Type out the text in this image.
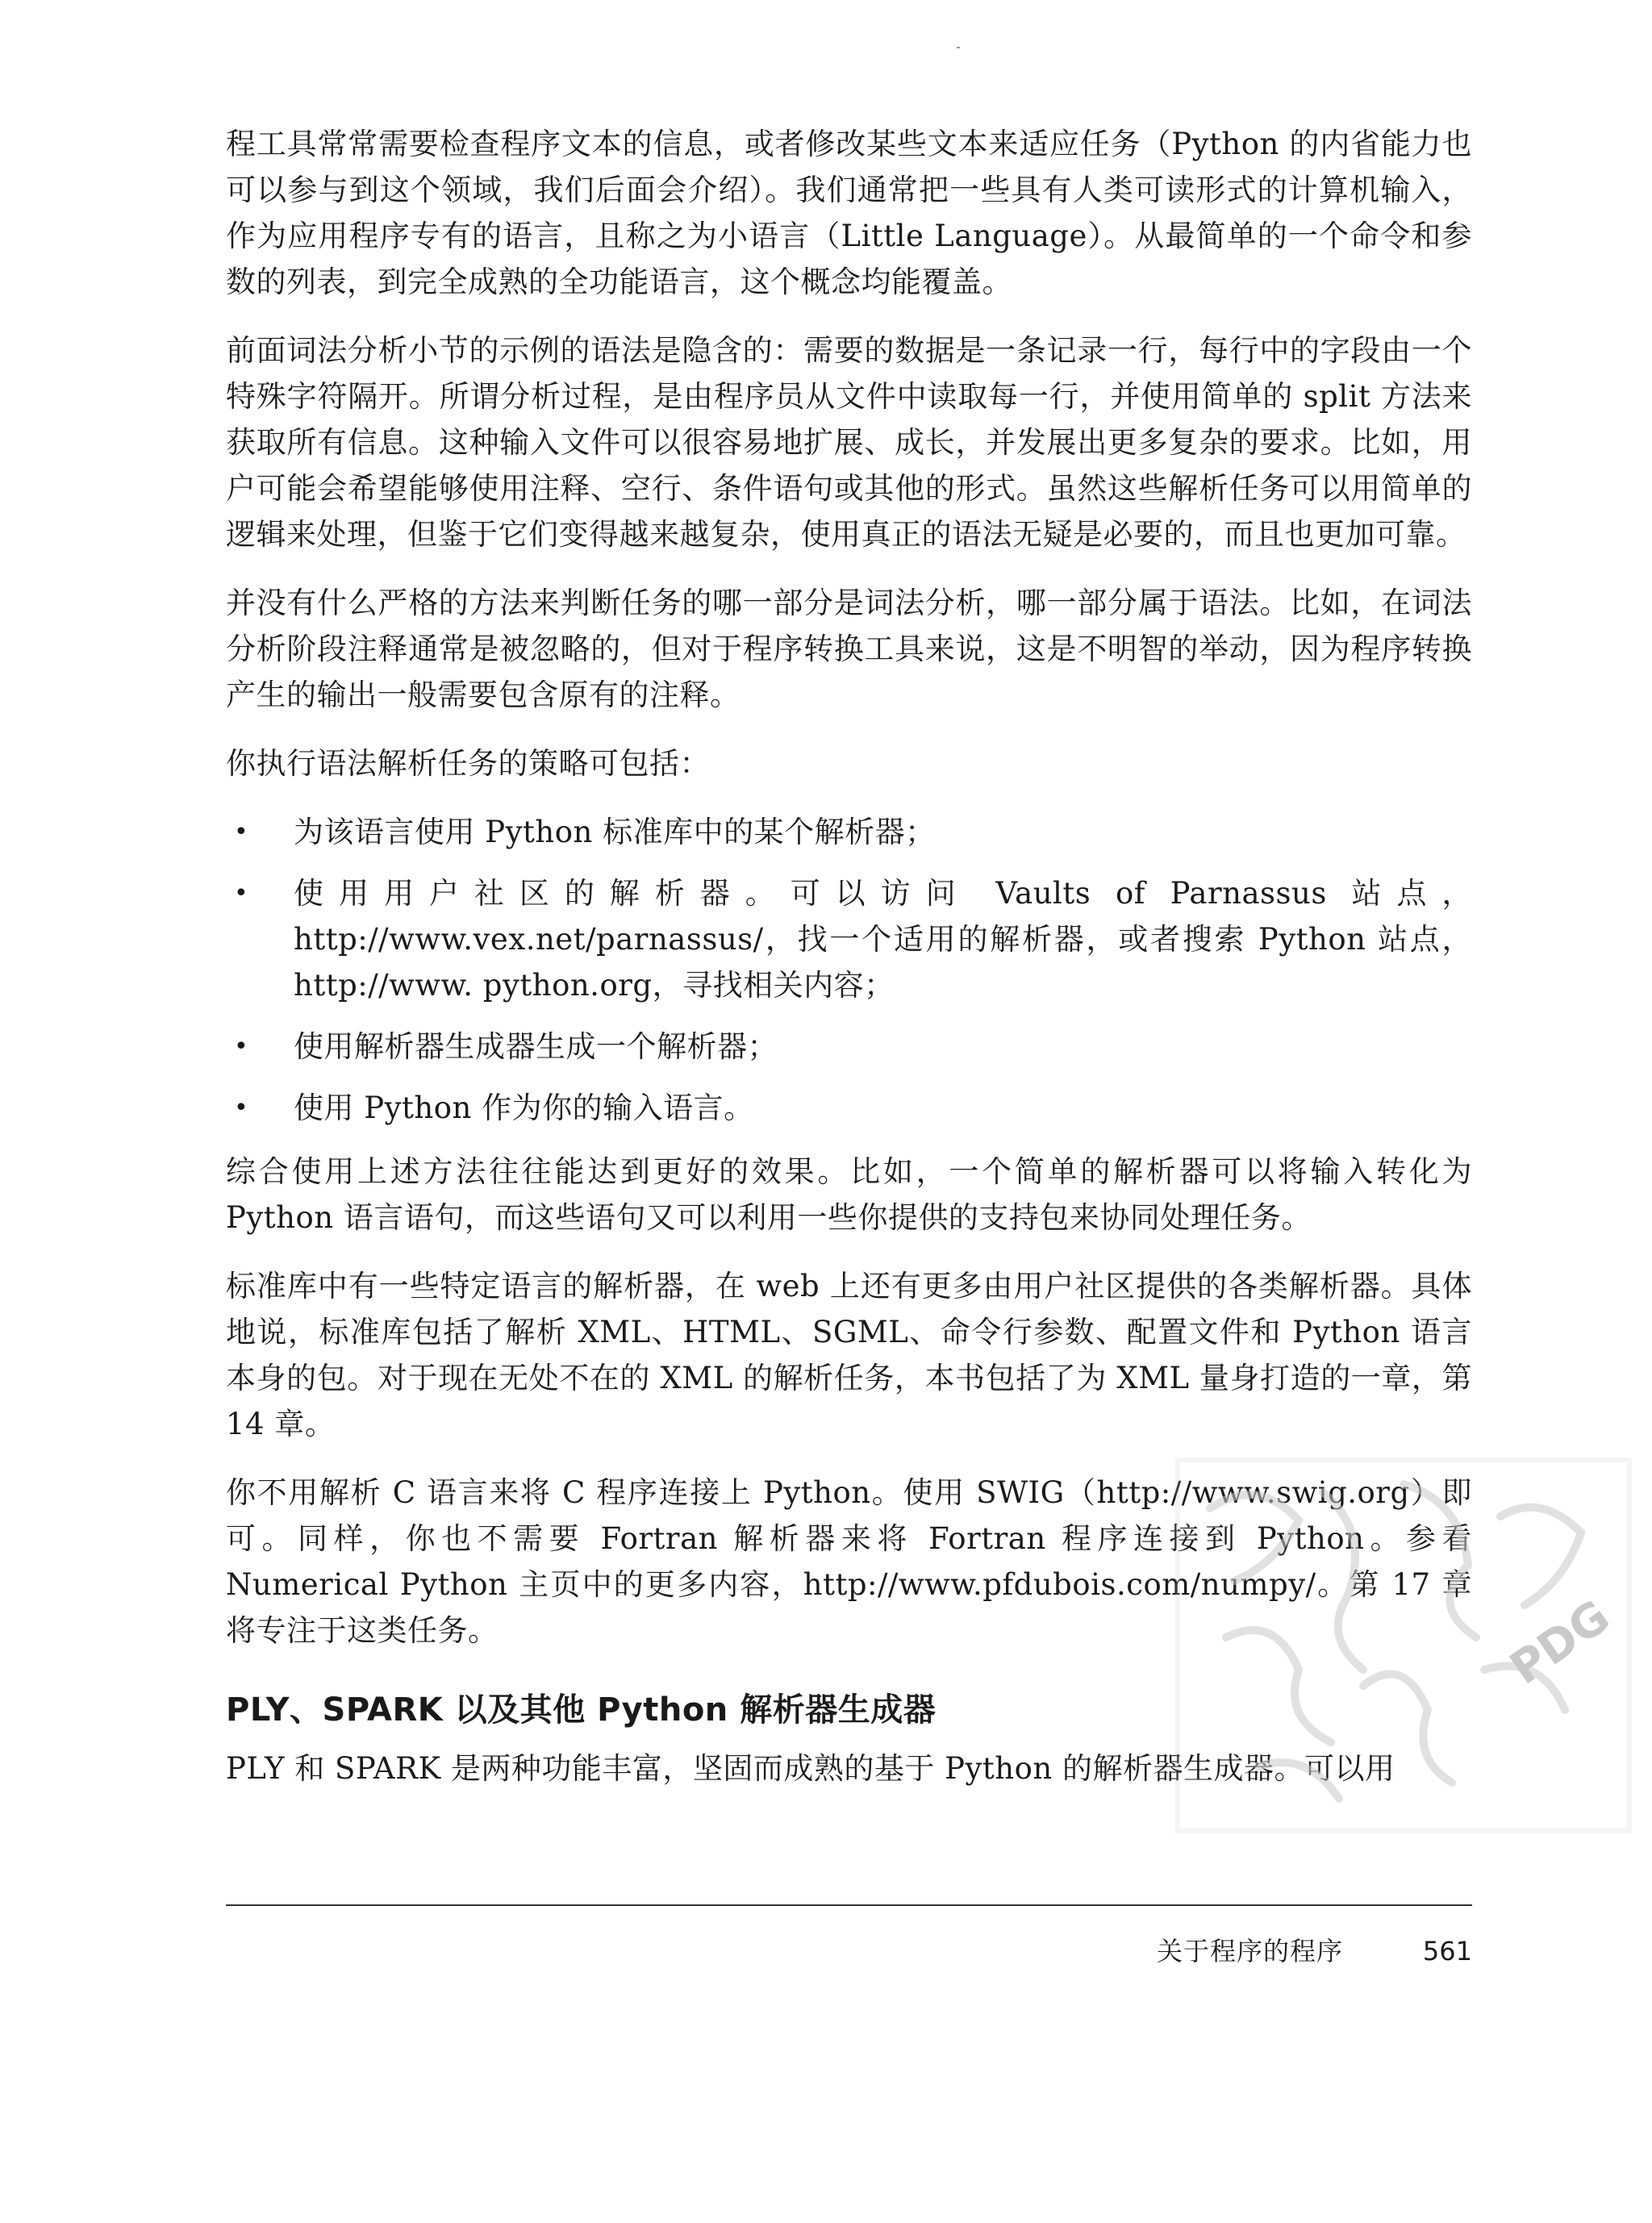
程工具常常需要检查程序文本的信息，或者修改某些文本来适应任务（Python 的内省能力也可以参与到这个领域，我们后面会介绍）。我们通常把一些具有人类可读形式的计算机输入，作为应用程序专有的语言，且称之为小语言（Little Language）。从最简单的一个命令和参数的列表，到完全成熟的全功能语言，这个概念均能覆盖。

前面词法分析小节的示例的语法是隐含的：需要的数据是一条记录一行，每行中的字段由一个特殊字符隔开。所谓分析过程，是由程序员从文件中读取每一行，并使用简单的 split 方法来获取所有信息。这种输入文件可以很容易地扩展、成长，并发展出更多复杂的要求。比如，用户可能会希望能够使用注释、空行、条件语句或其他的形式。虽然这些解析任务可以用简单的逻辑来处理，但鉴于它们变得越来越复杂，使用真正的语法无疑是必要的，而且也更加可靠。

并没有什么严格的方法来判断任务的哪一部分是词法分析，哪一部分属于语法。比如，在词法分析阶段注释通常是被忽略的，但对于程序转换工具来说，这是不明智的举动，因为程序转换产生的输出一般需要包含原有的注释。

你执行语法解析任务的策略可包括：

• 为该语言使用 Python 标准库中的某个解析器；
• 使用用户社区的解析器。可以访问 Vaults of Parnassus 站点，http://www.vex.net/parnassus/，找一个适用的解析器，或者搜索 Python 站点，http://www. python.org，寻找相关内容；
• 使用解析器生成器生成一个解析器；
• 使用 Python 作为你的输入语言。

综合使用上述方法往往能达到更好的效果。比如，一个简单的解析器可以将输入转化为 Python 语言语句，而这些语句又可以利用一些你提供的支持包来协同处理任务。

标准库中有一些特定语言的解析器，在 web 上还有更多由用户社区提供的各类解析器。具体地说，标准库包括了解析 XML、HTML、SGML、命令行参数、配置文件和 Python 语言本身的包。对于现在无处不在的 XML 的解析任务，本书包括了为 XML 量身打造的一章，第 14 章。

你不用解析 C 语言来将 C 程序连接上 Python。使用 SWIG（http://www.swig.org）即可。同样，你也不需要 Fortran 解析器来将 Fortran 程序连接到 Python。参看 Numerical Python 主页中的更多内容，http://www.pfdubois.com/numpy/。第 17 章将专注于这类任务。

PLY、SPARK 以及其他 Python 解析器生成器

PLY 和 SPARK 是两种功能丰富，坚固而成熟的基于 Python 的解析器生成器。可以用

关于程序的程序	561
PDG
